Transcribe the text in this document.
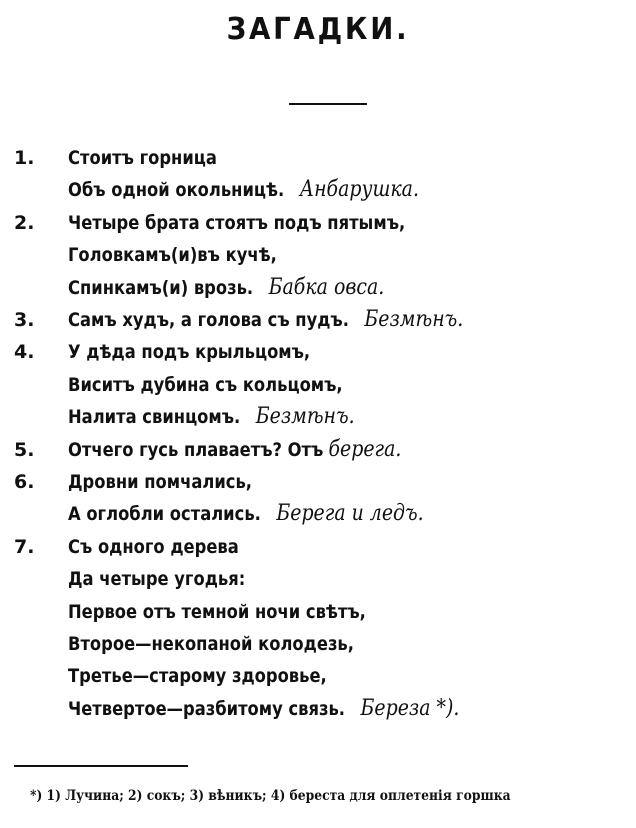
ЗАГАДКИ.
1.	Стоитъ горница
Объ одной окольницѣ. Анбарушка.
2.	Четыре брата стоятъ подъ пятымъ,
Головкамъ(и)въ кучѣ,
Спинкамъ(и) врозь. Бабка овса.
3.	Самъ худъ, а голова съ пудъ. Безмѣнъ.
4.	У дѣда подъ крыльцомъ,
Виситъ дубина съ кольцомъ,
Налита свинцомъ. Безмѣнъ.
5.	Отчего гусь плаваетъ? Отъ берега.
6.	Дровни помчались,
А оглобли остались. Берега и ледъ.
7.	Съ одного дерева
Да четыре угодья:
Первое отъ темной ночи свѣтъ,
Второе—некопаной колодезь,
Третье—старому здоровье,
Четвертое—разбитому связь. Береза *).
*) 1) Лучина; 2) сокъ; 3) вѣникъ; 4) береста для оплетенія горшка
